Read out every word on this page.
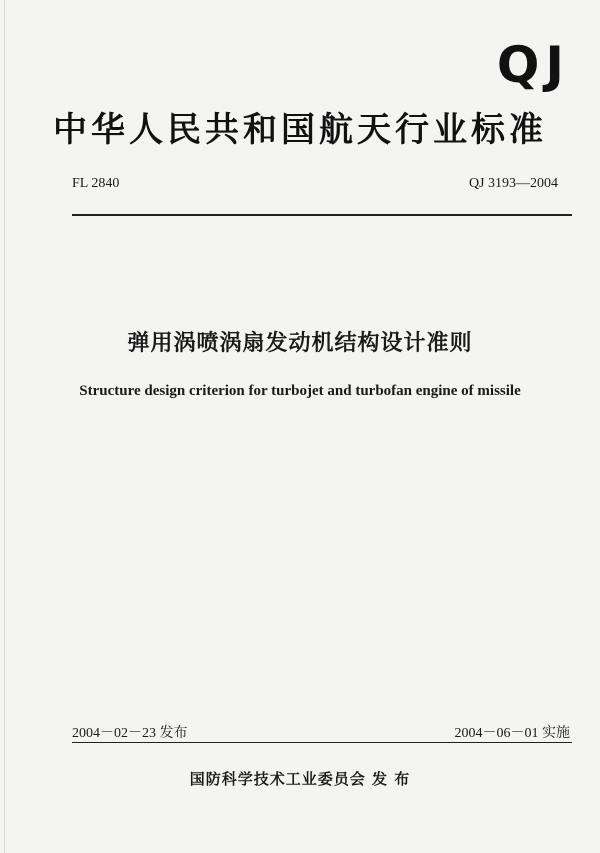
QJ
中华人民共和国航天行业标准
FL 2840	QJ 3193—2004
弹用涡喷涡扇发动机结构设计准则
Structure design criterion for turbojet and turbofan engine of missile
2004－02－23 发布	2004－06－01 实施
国防科学技术工业委员会 发 布
